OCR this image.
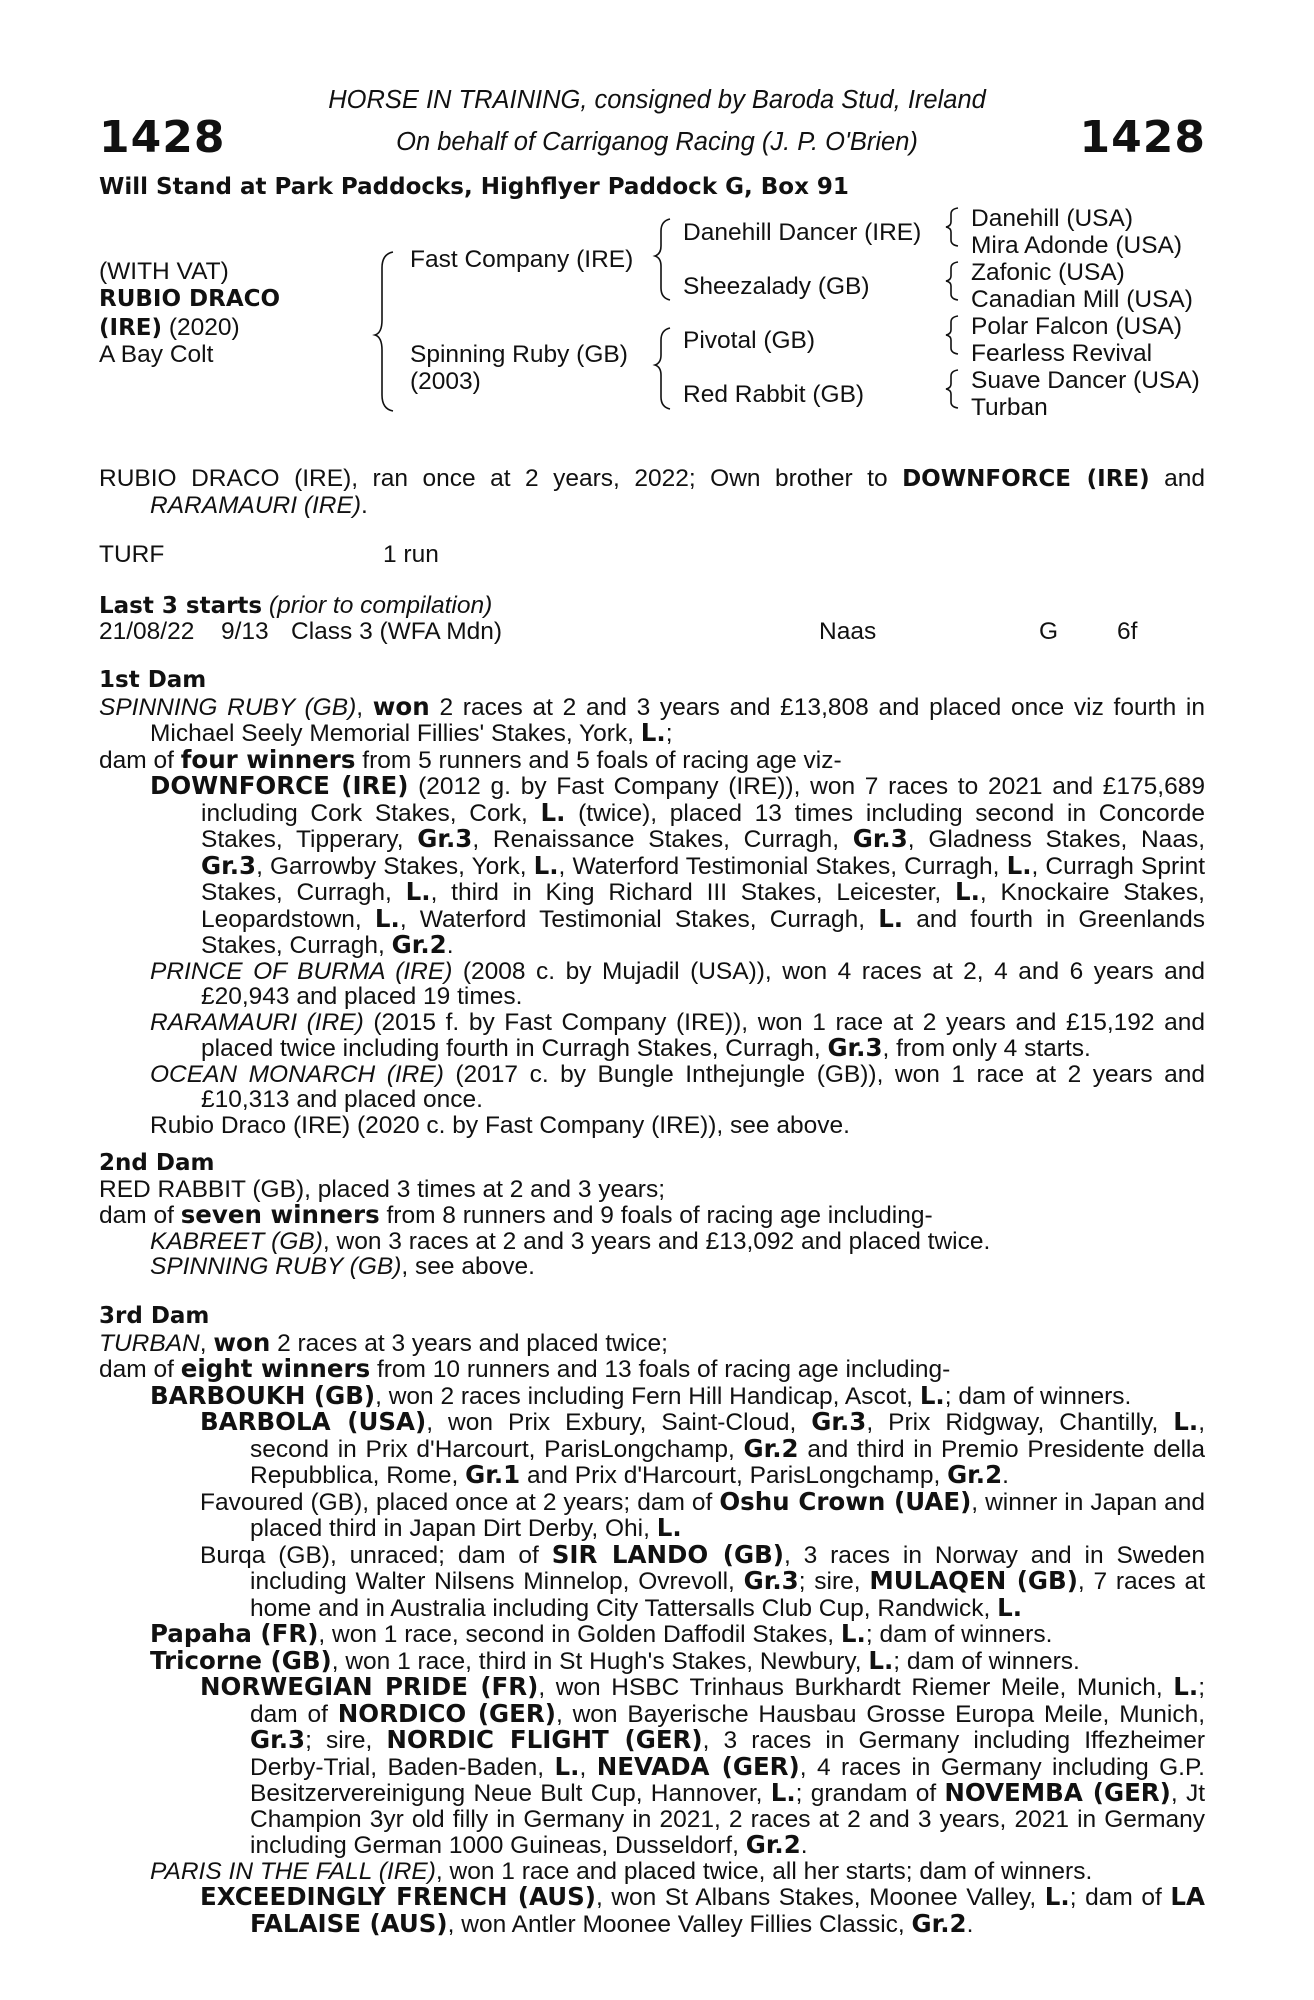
1428	1428
HORSE IN TRAINING, consigned by Baroda Stud, Ireland
On behalf of Carriganog Racing (J. P. O'Brien)
Will Stand at Park Paddocks, Highflyer Paddock G, Box 91
(WITH VAT)
RUBIO DRACO
(IRE) (2020)
A Bay Colt
Fast Company (IRE)
Spinning Ruby (GB)
(2003)
Danehill Dancer (IRE)
Sheezalady (GB)
Pivotal (GB)
Red Rabbit (GB)
Danehill (USA)
Mira Adonde (USA)
Zafonic (USA)
Canadian Mill (USA)
Polar Falcon (USA)
Fearless Revival
Suave Dancer (USA)
Turban
RUBIO DRACO (IRE), ran once at 2 years, 2022; Own brother to DOWNFORCE (IRE) and RARAMAURI (IRE).
TURF	1 run
Last 3 starts (prior to compilation)
21/08/22 9/13 Class 3 (WFA Mdn)	Naas	G 6f
1st Dam
SPINNING RUBY (GB), won 2 races at 2 and 3 years and £13,808 and placed once viz fourth in Michael Seely Memorial Fillies' Stakes, York, L.;
dam of four winners from 5 runners and 5 foals of racing age viz-
DOWNFORCE (IRE) (2012 g. by Fast Company (IRE)), won 7 races to 2021 and £175,689 including Cork Stakes, Cork, L. (twice), placed 13 times including second in Concorde Stakes, Tipperary, Gr.3, Renaissance Stakes, Curragh, Gr.3, Gladness Stakes, Naas, Gr.3, Garrowby Stakes, York, L., Waterford Testimonial Stakes, Curragh, L., Curragh Sprint Stakes, Curragh, L., third in King Richard III Stakes, Leicester, L., Knockaire Stakes, Leopardstown, L., Waterford Testimonial Stakes, Curragh, L. and fourth in Greenlands Stakes, Curragh, Gr.2.
PRINCE OF BURMA (IRE) (2008 c. by Mujadil (USA)), won 4 races at 2, 4 and 6 years and £20,943 and placed 19 times.
RARAMAURI (IRE) (2015 f. by Fast Company (IRE)), won 1 race at 2 years and £15,192 and placed twice including fourth in Curragh Stakes, Curragh, Gr.3, from only 4 starts.
OCEAN MONARCH (IRE) (2017 c. by Bungle Inthejungle (GB)), won 1 race at 2 years and £10,313 and placed once.
Rubio Draco (IRE) (2020 c. by Fast Company (IRE)), see above.
2nd Dam
RED RABBIT (GB), placed 3 times at 2 and 3 years;
dam of seven winners from 8 runners and 9 foals of racing age including-
KABREET (GB), won 3 races at 2 and 3 years and £13,092 and placed twice.
SPINNING RUBY (GB), see above.
3rd Dam
TURBAN, won 2 races at 3 years and placed twice;
dam of eight winners from 10 runners and 13 foals of racing age including-
BARBOUKH (GB), won 2 races including Fern Hill Handicap, Ascot, L.; dam of winners.
BARBOLA (USA), won Prix Exbury, Saint-Cloud, Gr.3, Prix Ridgway, Chantilly, L., second in Prix d'Harcourt, ParisLongchamp, Gr.2 and third in Premio Presidente della Repubblica, Rome, Gr.1 and Prix d'Harcourt, ParisLongchamp, Gr.2.
Favoured (GB), placed once at 2 years; dam of Oshu Crown (UAE), winner in Japan and placed third in Japan Dirt Derby, Ohi, L.
Burqa (GB), unraced; dam of SIR LANDO (GB), 3 races in Norway and in Sweden including Walter Nilsens Minnelop, Ovrevoll, Gr.3; sire, MULAQEN (GB), 7 races at home and in Australia including City Tattersalls Club Cup, Randwick, L.
Papaha (FR), won 1 race, second in Golden Daffodil Stakes, L.; dam of winners.
Tricorne (GB), won 1 race, third in St Hugh's Stakes, Newbury, L.; dam of winners.
NORWEGIAN PRIDE (FR), won HSBC Trinhaus Burkhardt Riemer Meile, Munich, L.; dam of NORDICO (GER), won Bayerische Hausbau Grosse Europa Meile, Munich, Gr.3; sire, NORDIC FLIGHT (GER), 3 races in Germany including Iffezheimer Derby-Trial, Baden-Baden, L., NEVADA (GER), 4 races in Germany including G.P. Besitzervereinigung Neue Bult Cup, Hannover, L.; grandam of NOVEMBA (GER), Jt Champion 3yr old filly in Germany in 2021, 2 races at 2 and 3 years, 2021 in Germany including German 1000 Guineas, Dusseldorf, Gr.2.
PARIS IN THE FALL (IRE), won 1 race and placed twice, all her starts; dam of winners.
EXCEEDINGLY FRENCH (AUS), won St Albans Stakes, Moonee Valley, L.; dam of LA FALAISE (AUS), won Antler Moonee Valley Fillies Classic, Gr.2.
